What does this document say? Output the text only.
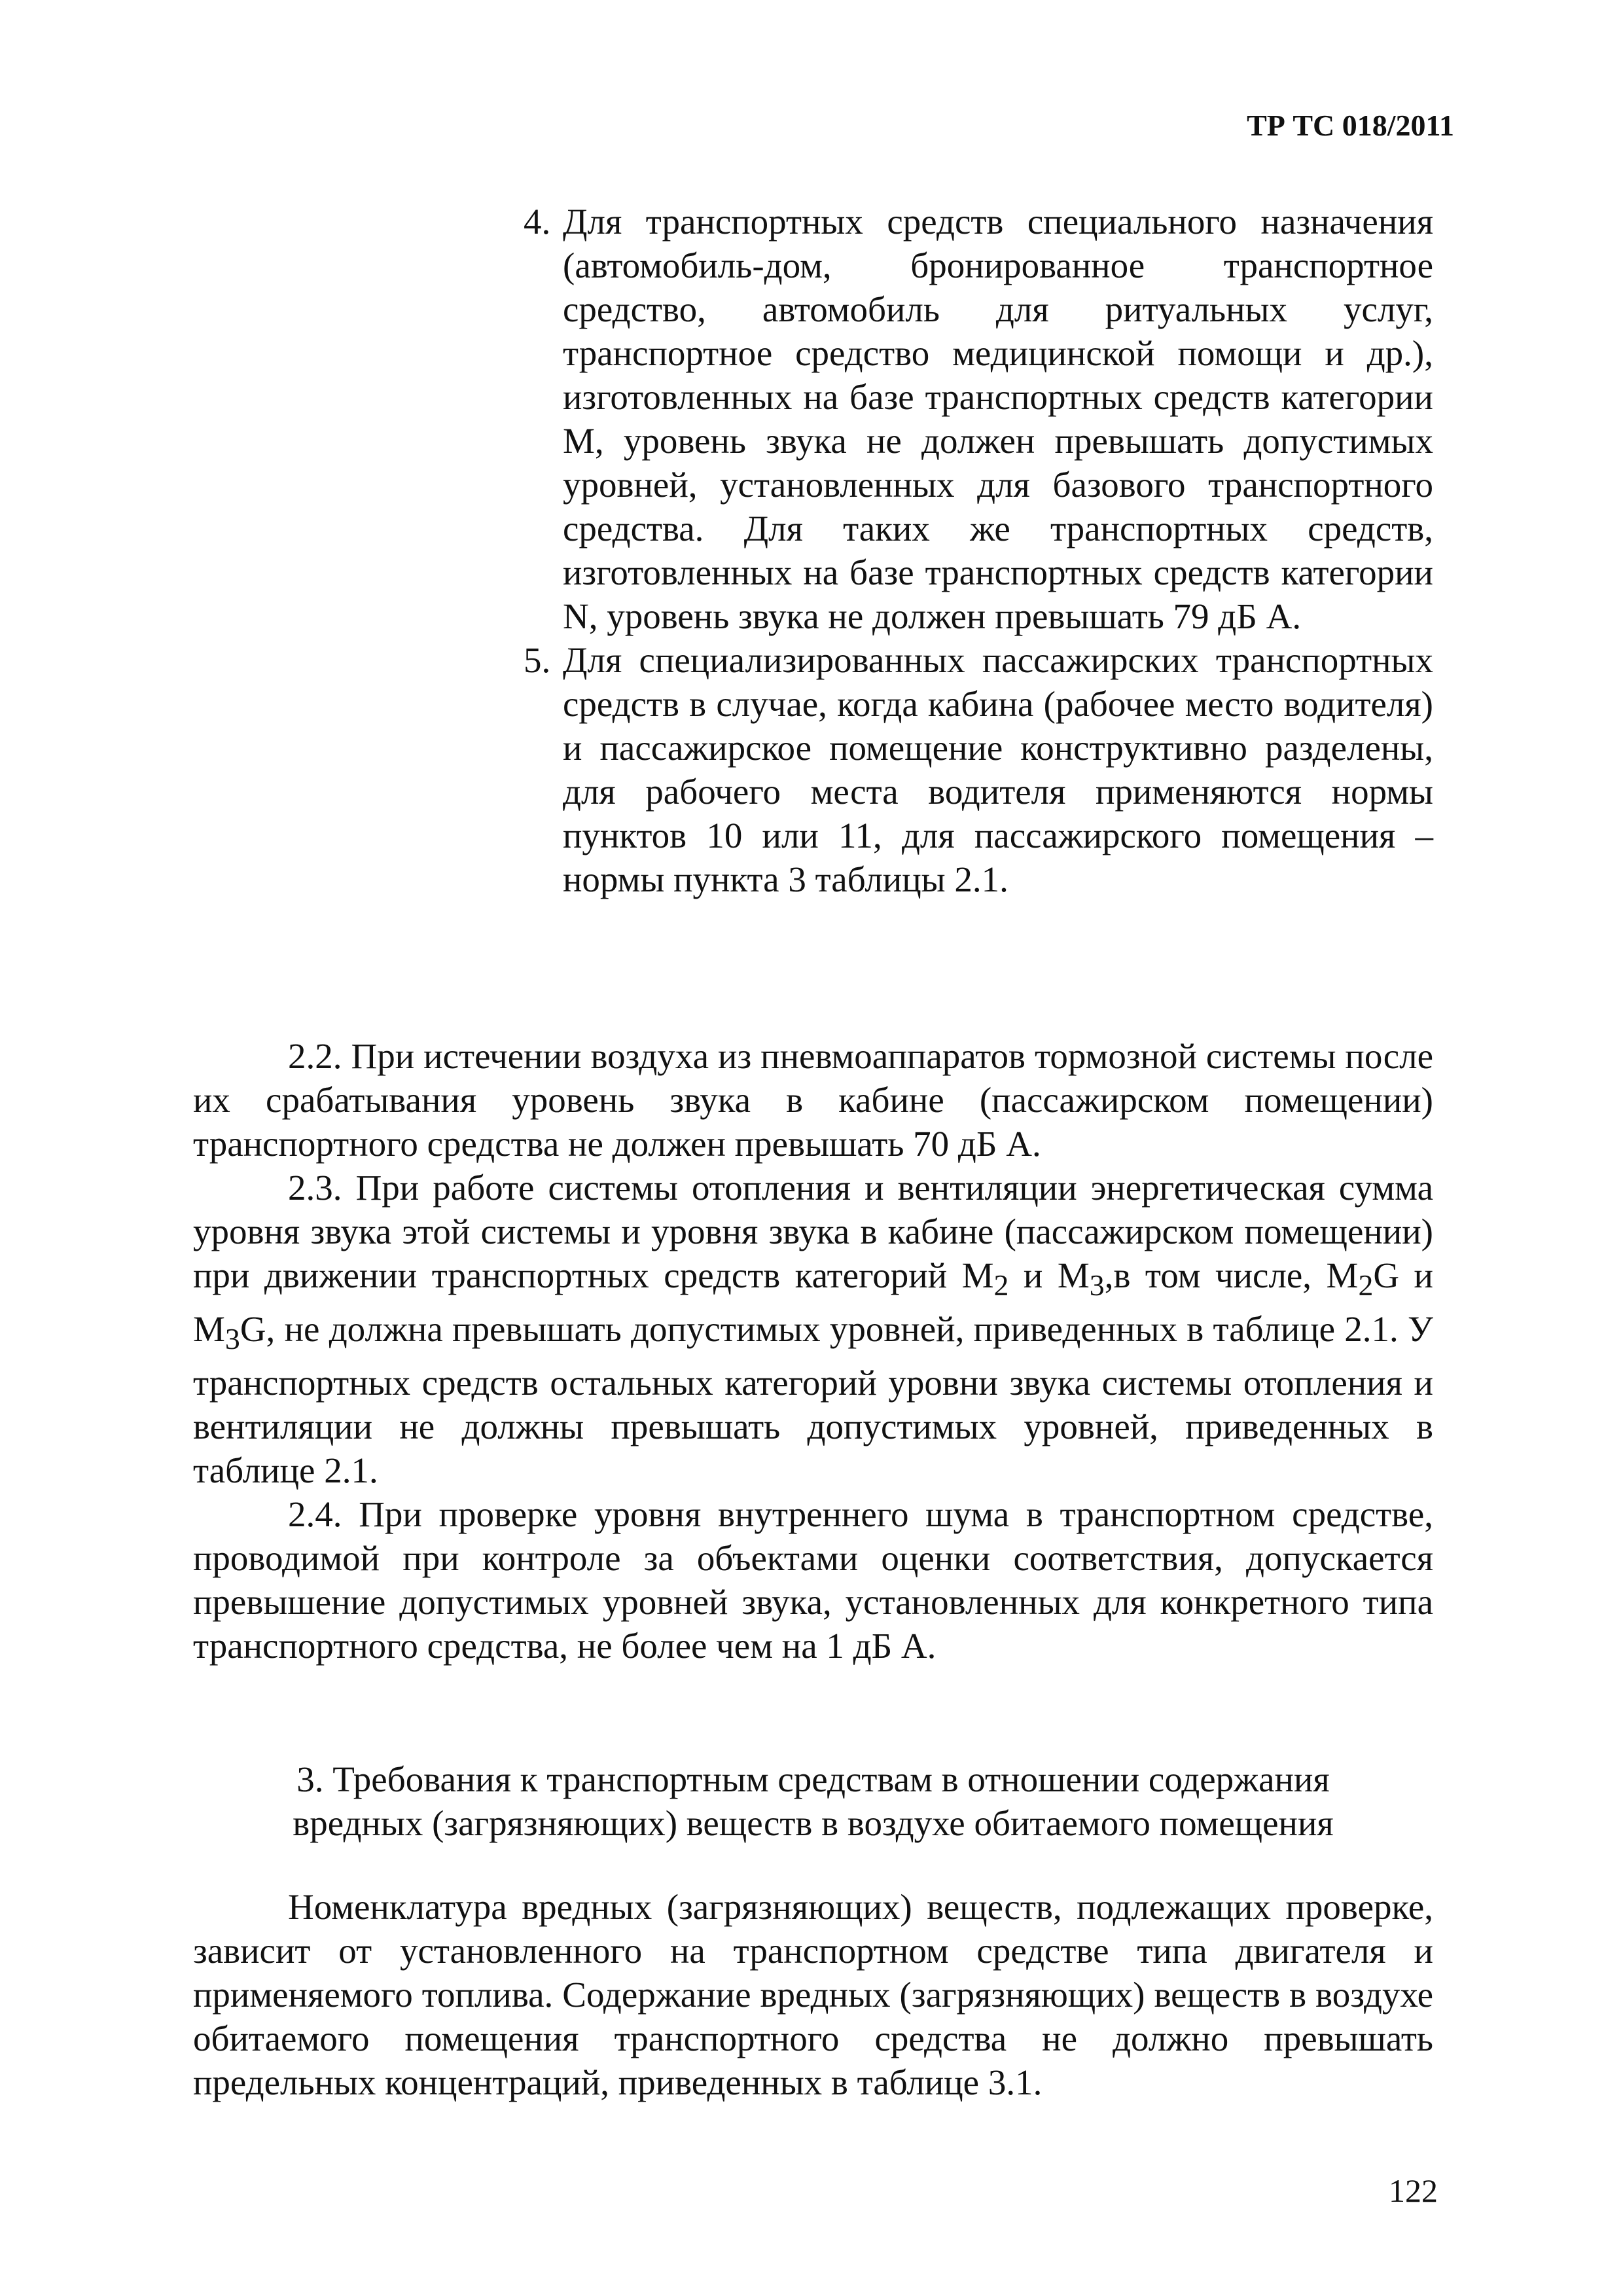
ТР ТС 018/2011
4. Для транспортных средств специального назначения (автомобиль-дом, бронированное транспортное средство, автомобиль для ритуальных услуг, транспортное средство медицинской помощи и др.), изготовленных на базе транспортных средств категории M, уровень звука не должен превышать допустимых уровней, установленных для базового транспортного средства. Для таких же транспортных средств, изготовленных на базе транспортных средств категории N, уровень звука не должен превышать 79 дБ А.
5. Для специализированных пассажирских транспортных средств в случае, когда кабина (рабочее место водителя) и пассажирское помещение конструктивно разделены, для рабочего места водителя применяются нормы пунктов 10 или 11, для пассажирского помещения – нормы пункта 3 таблицы 2.1.

2.2. При истечении воздуха из пневмоаппаратов тормозной системы после их срабатывания уровень звука в кабине (пассажирском помещении) транспортного средства не должен превышать 70 дБ А.

2.3. При работе системы отопления и вентиляции энергетическая сумма уровня звука этой системы и уровня звука в кабине (пассажирском помещении) при движении транспортных средств категорий $M_2$ и $M_3,в$ том числе, $M_2G$ и $M_3G$, не должна превышать допустимых уровней, приведенных в таблице 2.1. У транспортных средств остальных категорий уровни звука системы отопления и вентиляции не должны превышать допустимых уровней, приведенных в таблице 2.1.

2.4. При проверке уровня внутреннего шума в транспортном средстве, проводимой при контроле за объектами оценки соответствия, допускается превышение допустимых уровней звука, установленных для конкретного типа транспортного средства, не более чем на 1 дБ А.

3. Требования к транспортным средствам в отношении содержания
вредных (загрязняющих) веществ в воздухе обитаемого помещения

Номенклатура вредных (загрязняющих) веществ, подлежащих проверке, зависит от установленного на транспортном средстве типа двигателя и применяемого топлива. Содержание вредных (загрязняющих) веществ в воздухе обитаемого помещения транспортного средства не должно превышать предельных концентраций, приведенных в таблице 3.1.

122
